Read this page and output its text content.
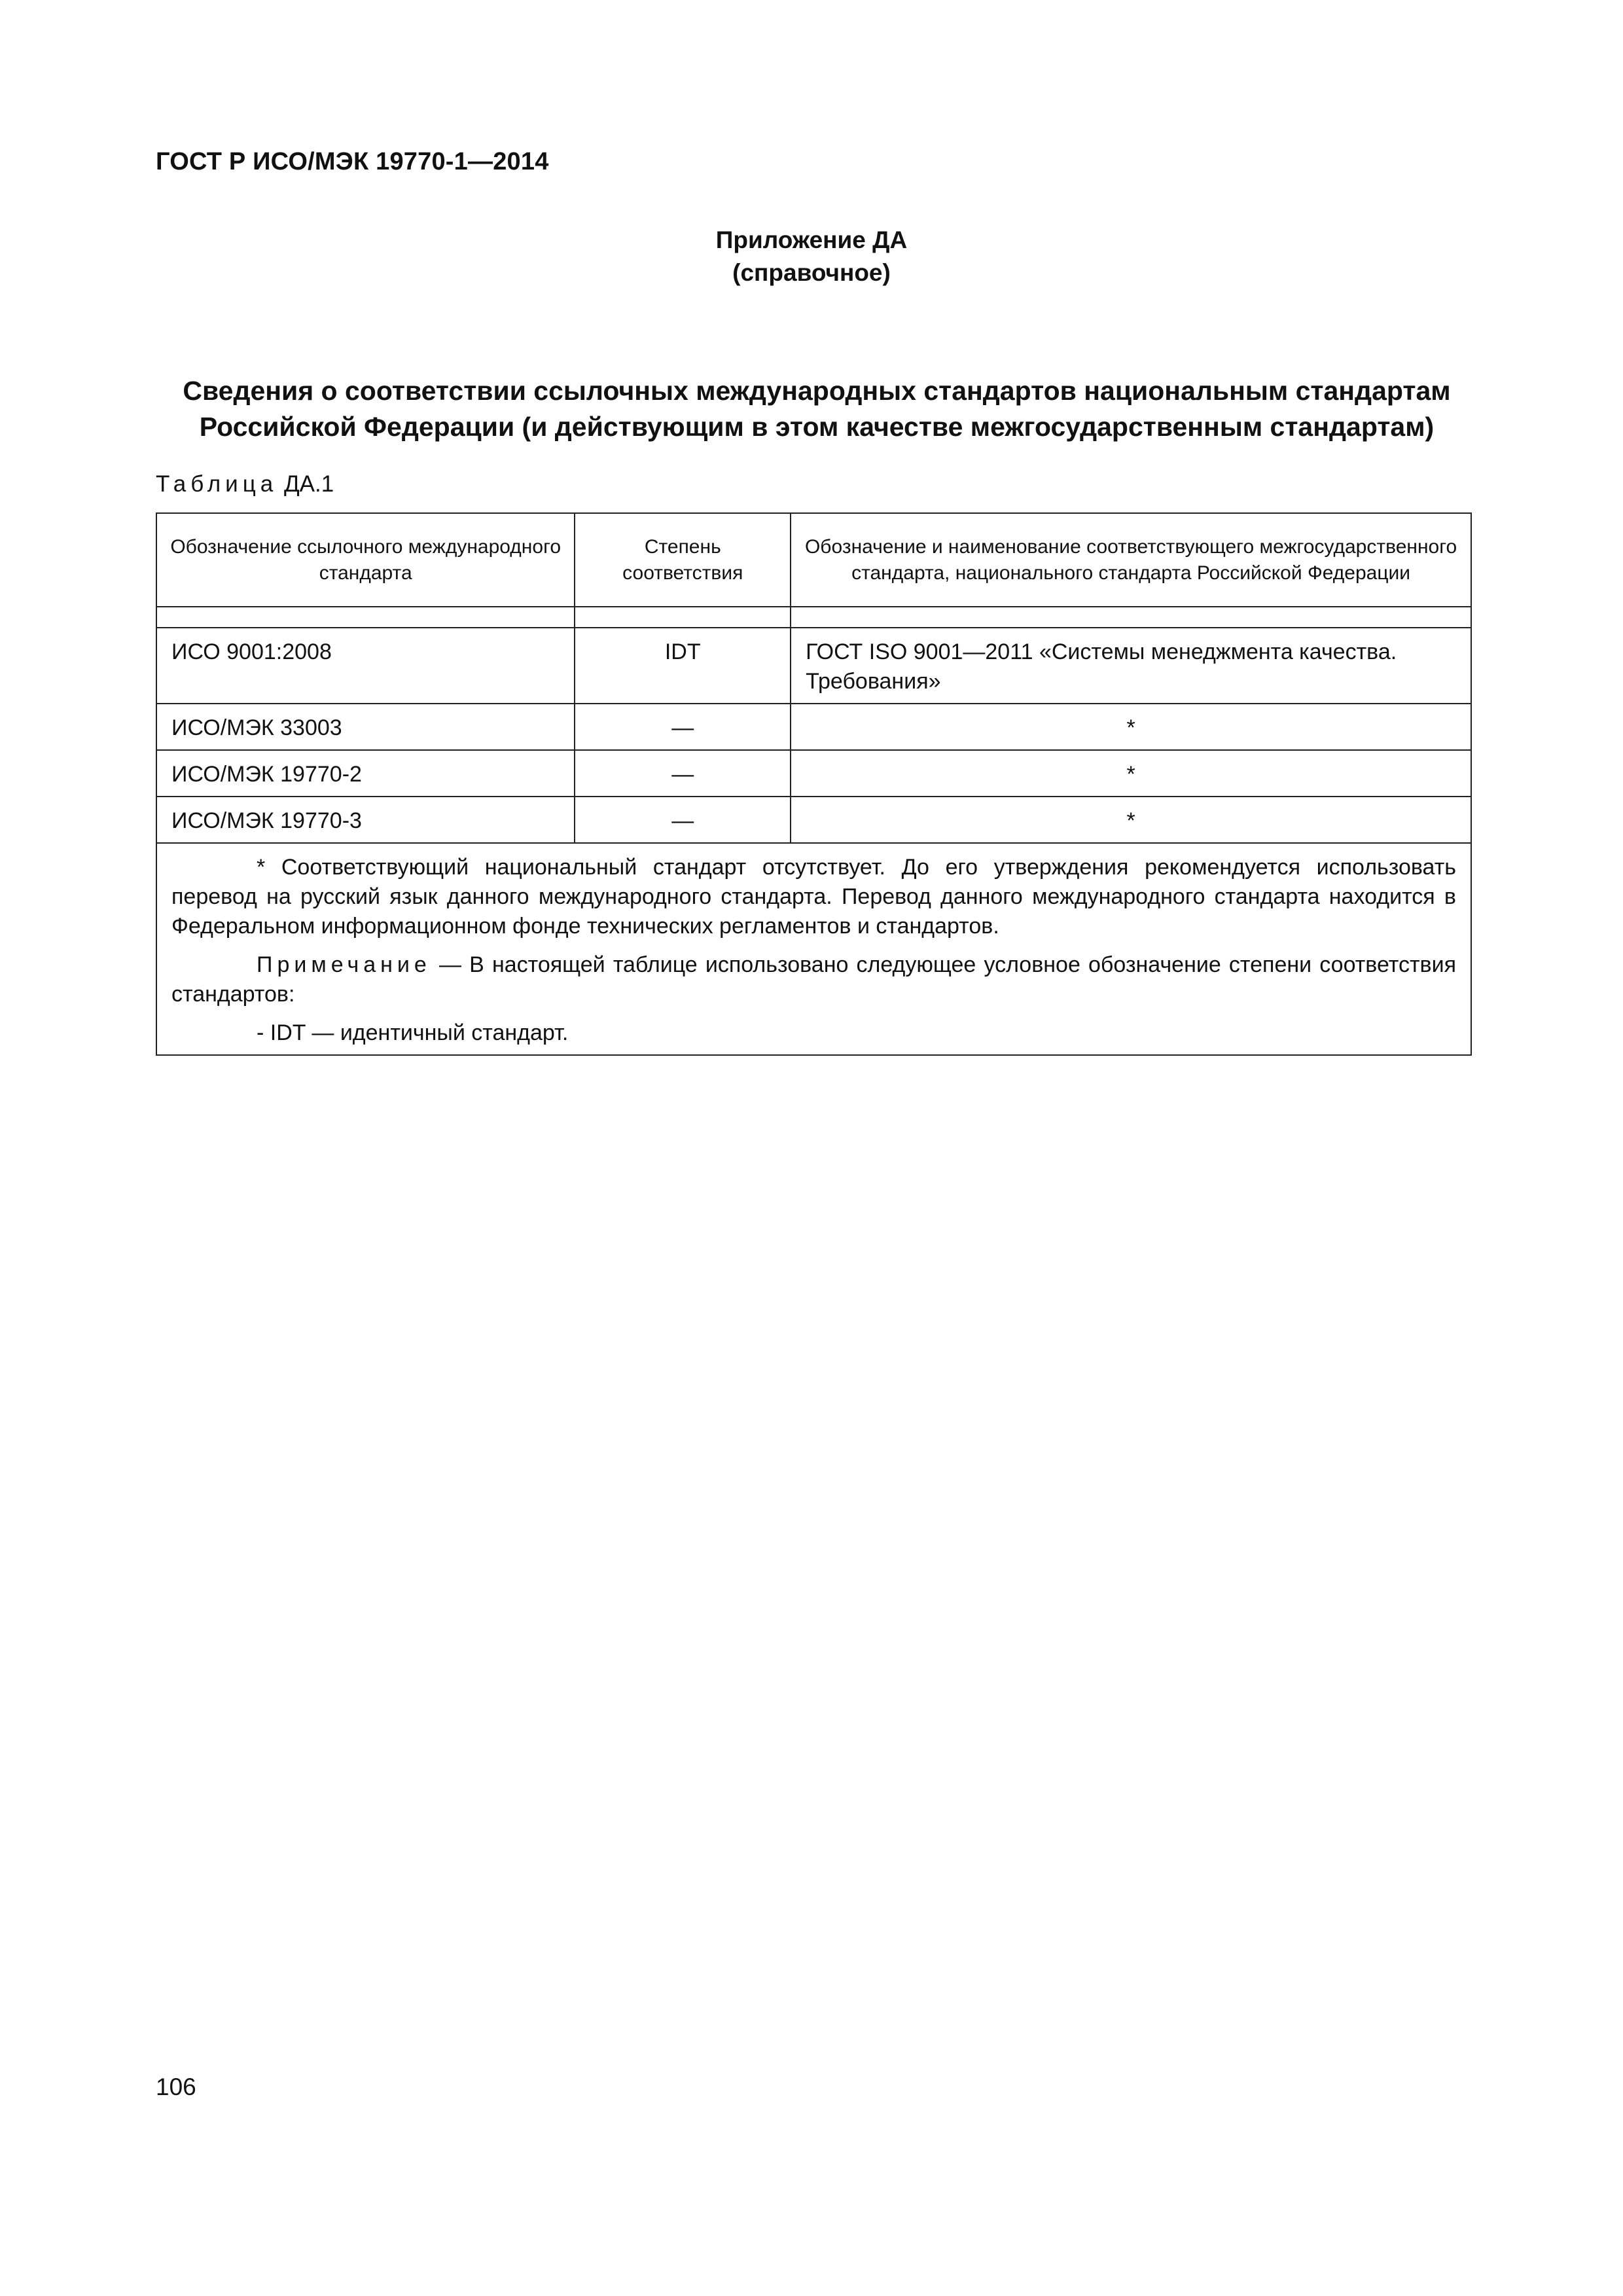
ГОСТ Р ИСО/МЭК 19770-1—2014
Приложение ДА
(справочное)
Сведения о соответствии ссылочных международных стандартов национальным стандартам
Российской Федерации (и действующим в этом качестве межгосударственным стандартам)
Таблица ДА.1
Обозначение ссылочного международного стандарта	Степень соответствия	Обозначение и наименование соответствующего межгосударственного стандарта, национального стандарта Российской Федерации

ИСО 9001:2008	IDT	ГОСТ ISO 9001—2011 «Системы менеджмента качества. Требования»
ИСО/МЭК 33003	—	*
ИСО/МЭК 19770-2	—	*
ИСО/МЭК 19770-3	—	*

* Соответствующий национальный стандарт отсутствует. До его утверждения рекомендуется использовать перевод на русский язык данного международного стандарта. Перевод данного международного стандарта находится в Федеральном информационном фонде технических регламентов и стандартов.

Примечание — В настоящей таблице использовано следующее условное обозначение степени соответствия стандартов:

- IDT — идентичный стандарт.		

106
